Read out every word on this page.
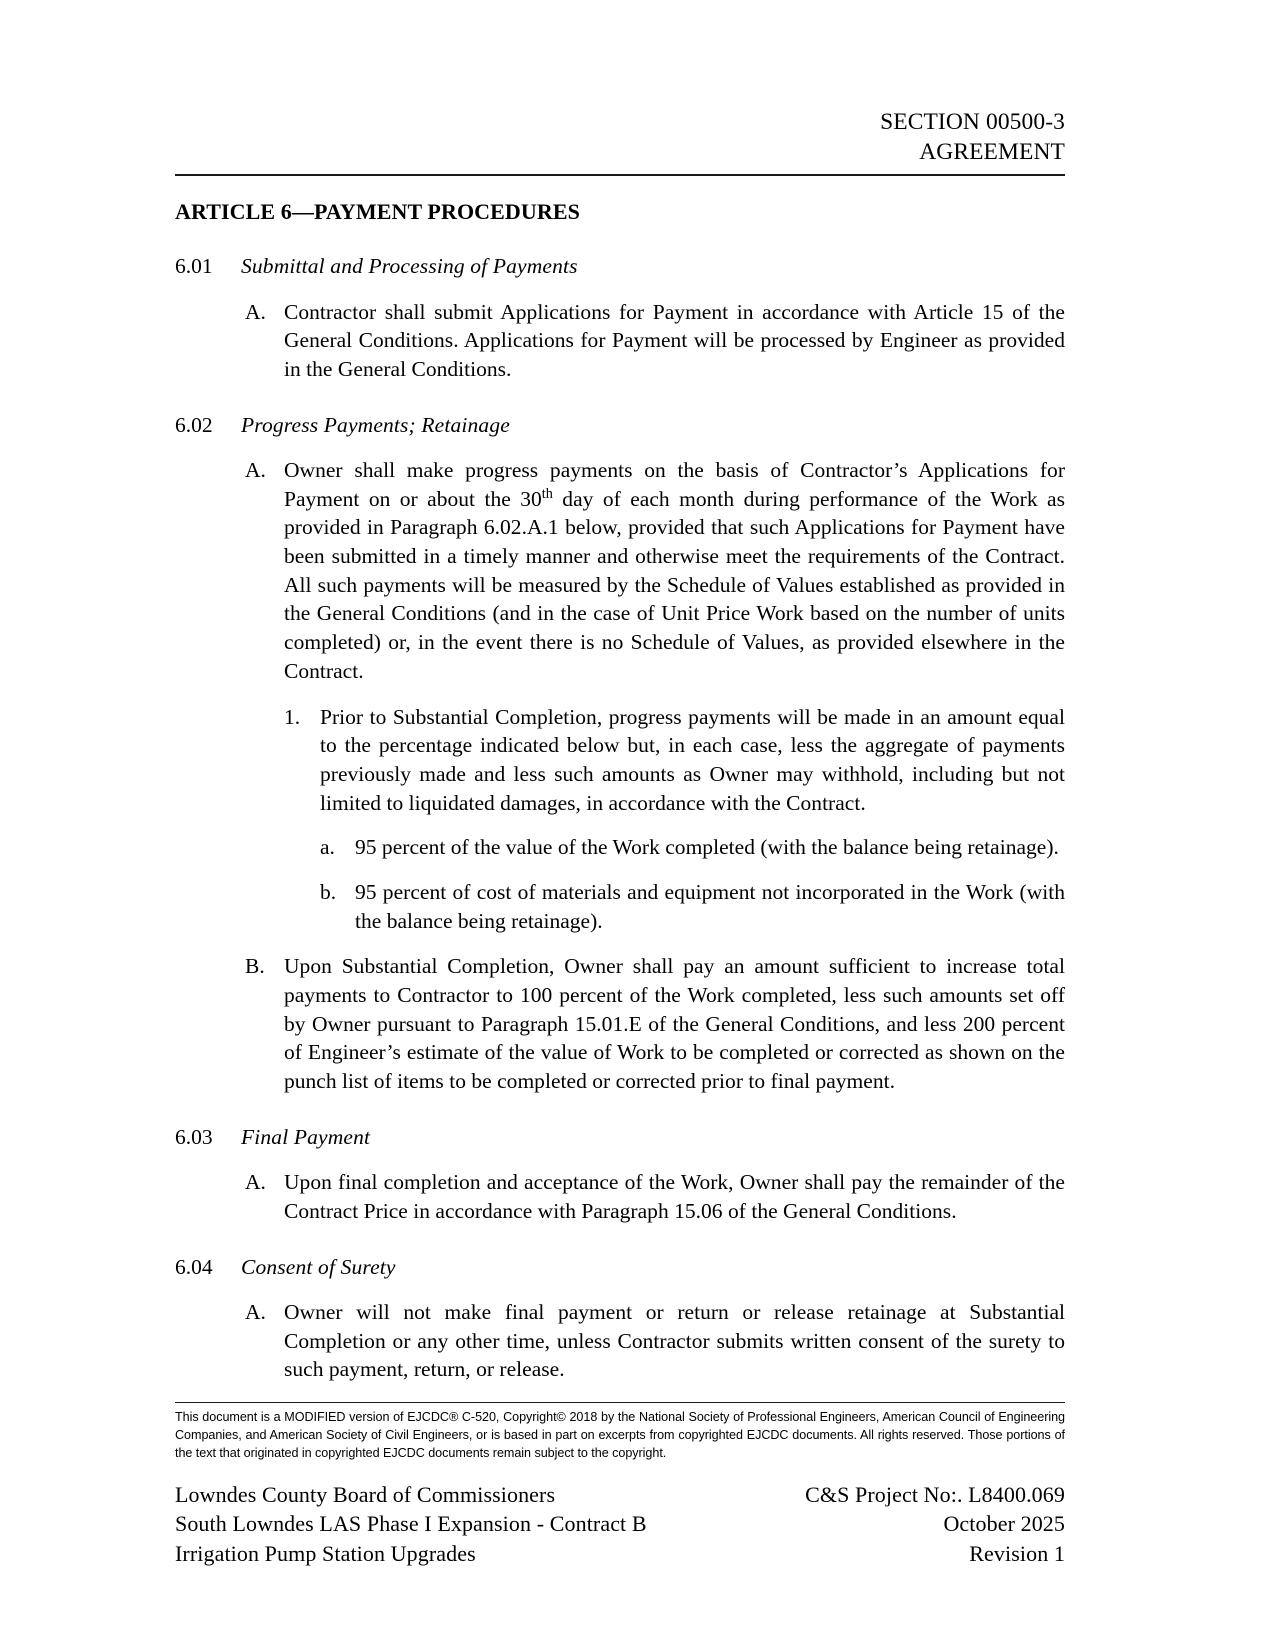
SECTION 00500-3
AGREEMENT
ARTICLE 6—PAYMENT PROCEDURES
6.01	Submittal and Processing of Payments
A. Contractor shall submit Applications for Payment in accordance with Article 15 of the General Conditions. Applications for Payment will be processed by Engineer as provided in the General Conditions.
6.02	Progress Payments; Retainage
A. Owner shall make progress payments on the basis of Contractor’s Applications for Payment on or about the 30th day of each month during performance of the Work as provided in Paragraph 6.02.A.1 below, provided that such Applications for Payment have been submitted in a timely manner and otherwise meet the requirements of the Contract. All such payments will be measured by the Schedule of Values established as provided in the General Conditions (and in the case of Unit Price Work based on the number of units completed) or, in the event there is no Schedule of Values, as provided elsewhere in the Contract.
1. Prior to Substantial Completion, progress payments will be made in an amount equal to the percentage indicated below but, in each case, less the aggregate of payments previously made and less such amounts as Owner may withhold, including but not limited to liquidated damages, in accordance with the Contract.
a. 95 percent of the value of the Work completed (with the balance being retainage).
b. 95 percent of cost of materials and equipment not incorporated in the Work (with the balance being retainage).
B. Upon Substantial Completion, Owner shall pay an amount sufficient to increase total payments to Contractor to 100 percent of the Work completed, less such amounts set off by Owner pursuant to Paragraph 15.01.E of the General Conditions, and less 200 percent of Engineer’s estimate of the value of Work to be completed or corrected as shown on the punch list of items to be completed or corrected prior to final payment.
6.03	Final Payment
A. Upon final completion and acceptance of the Work, Owner shall pay the remainder of the Contract Price in accordance with Paragraph 15.06 of the General Conditions.
6.04	Consent of Surety
A. Owner will not make final payment or return or release retainage at Substantial Completion or any other time, unless Contractor submits written consent of the surety to such payment, return, or release.
This document is a MODIFIED version of EJCDC® C-520, Copyright© 2018 by the National Society of Professional Engineers, American Council of Engineering Companies, and American Society of Civil Engineers, or is based in part on excerpts from copyrighted EJCDC documents. All rights reserved. Those portions of the text that originated in copyrighted EJCDC documents remain subject to the copyright.
Lowndes County Board of Commissioners	C&S Project No:. L8400.069
South Lowndes LAS Phase I Expansion - Contract B	October 2025
Irrigation Pump Station Upgrades	Revision 1
